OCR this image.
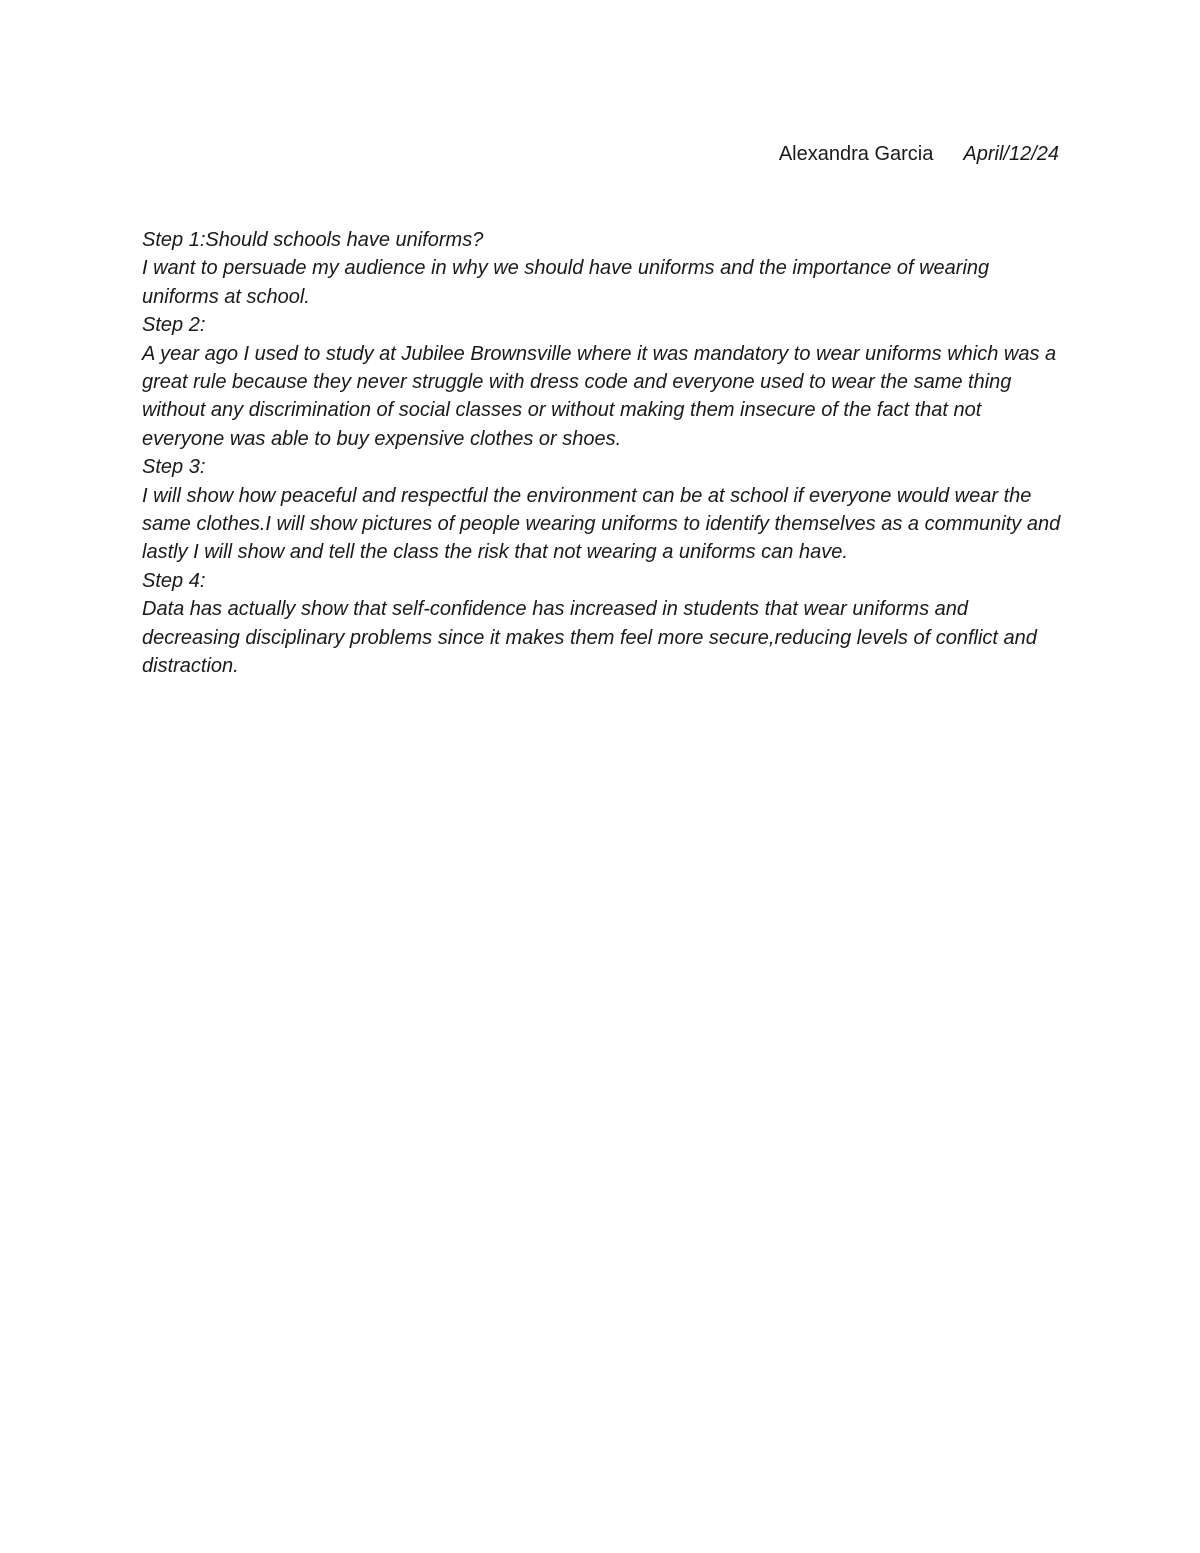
Alexandra Garcia April/12/24

Step 1:Should schools have uniforms?

I want to persuade my audience in why we should have uniforms and the importance of wearing uniforms at school.

Step 2:

A year ago I used to study at Jubilee Brownsville where it was mandatory to wear uniforms which was a great rule because they never struggle with dress code and everyone used to wear the same thing without any discrimination of social classes or without making them insecure of the fact that not everyone was able to buy expensive clothes or shoes.

Step 3:

I will show how peaceful and respectful the environment can be at school if everyone would wear the same clothes.I will show pictures of people wearing uniforms to identify themselves as a community and lastly I will show and tell the class the risk that not wearing a uniforms can have.

Step 4:

Data has actually show that self-confidence has increased in students that wear uniforms and decreasing disciplinary problems since it makes them feel more secure,reducing levels of conflict and distraction.
